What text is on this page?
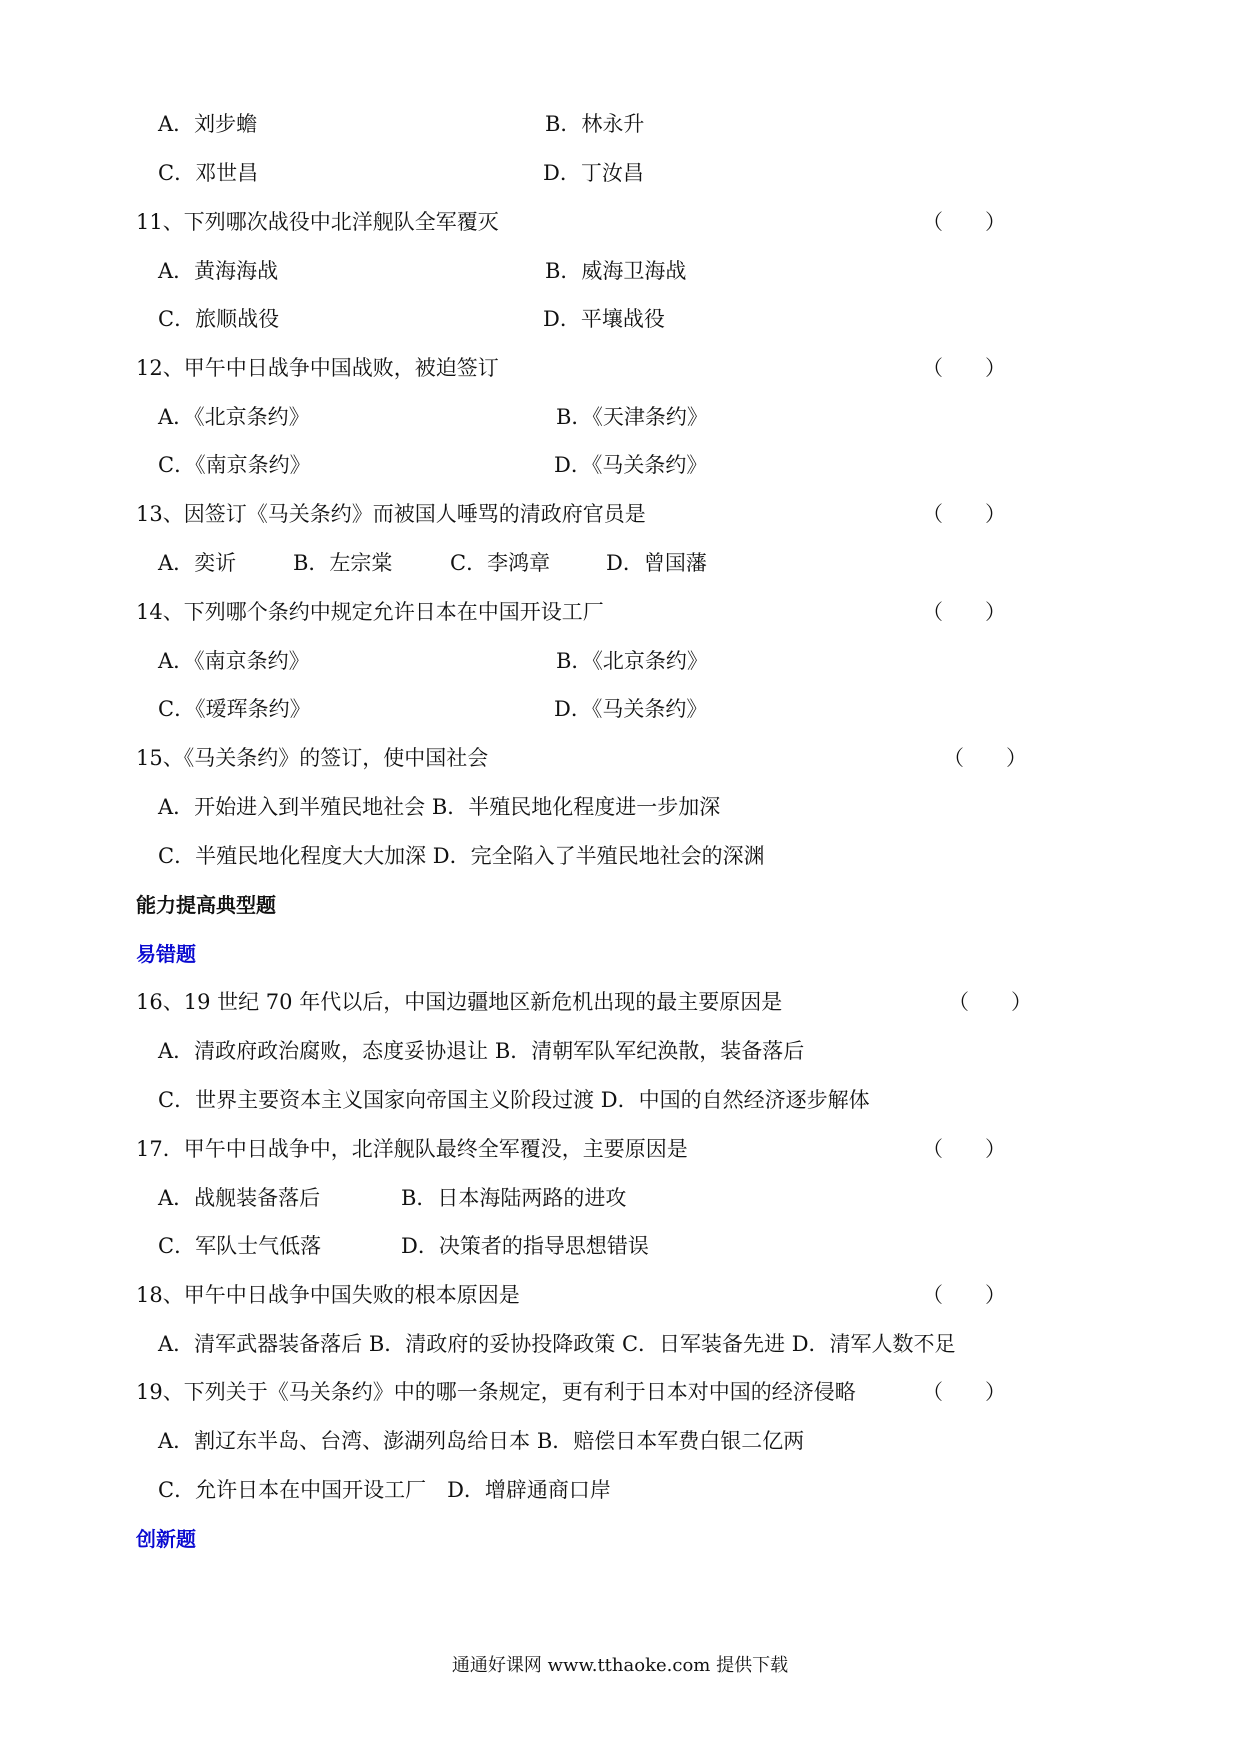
A．刘步蟾	B．林永升
C．邓世昌	D．丁汝昌
11、下列哪次战役中北洋舰队全军覆灭	（　　）
A．黄海海战	B．威海卫海战
C．旅顺战役	D．平壤战役
12、甲午中日战争中国战败，被迫签订	（　　）
A．《北京条约》	B．《天津条约》
C．《南京条约》	D．《马关条约》
13、因签订《马关条约》而被国人唾骂的清政府官员是	（　　）
A．奕䜣	B．左宗棠	C．李鸿章	D．曾国藩
14、下列哪个条约中规定允许日本在中国开设工厂	（　　）
A．《南京条约》	B．《北京条约》
C．《瑷珲条约》	D．《马关条约》
15、《马关条约》的签订，使中国社会	（　　）
A．开始进入到半殖民地社会 B．半殖民地化程度进一步加深
C．半殖民地化程度大大加深 D．完全陷入了半殖民地社会的深渊
能力提高典型题
易错题
16、19 世纪 70 年代以后，中国边疆地区新危机出现的最主要原因是	（　　）
A．清政府政治腐败，态度妥协退让 B．清朝军队军纪涣散，装备落后
C．世界主要资本主义国家向帝国主义阶段过渡 D．中国的自然经济逐步解体
17．甲午中日战争中，北洋舰队最终全军覆没，主要原因是	（　　）
A．战舰装备落后	B．日本海陆两路的进攻
C．军队士气低落	D．决策者的指导思想错误
18、甲午中日战争中国失败的根本原因是	（　　）
A．清军武器装备落后 B．清政府的妥协投降政策 C．日军装备先进 D．清军人数不足
19、下列关于《马关条约》中的哪一条规定，更有利于日本对中国的经济侵略	（　　）
A．割辽东半岛、台湾、澎湖列岛给日本 B．赔偿日本军费白银二亿两
C．允许日本在中国开设工厂　D．增辟通商口岸
创新题
通通好课网 www.tthaoke.com 提供下载
